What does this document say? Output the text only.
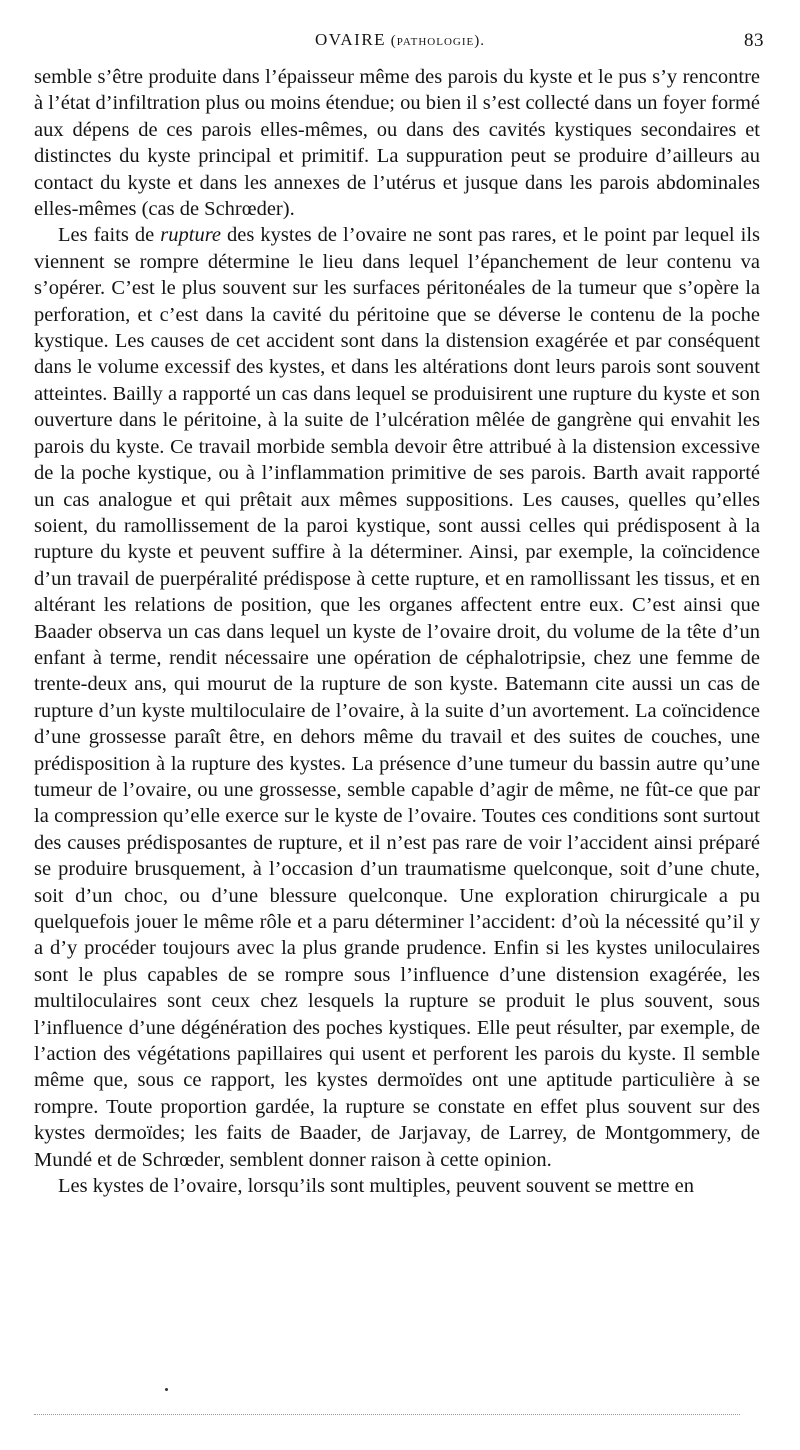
OVAIRE (pathologie).	83

semble s’être produite dans l’épaisseur même des parois du kyste et le pus s’y rencontre à l’état d’infiltration plus ou moins étendue; ou bien il s’est collecté dans un foyer formé aux dépens de ces parois elles-mêmes, ou dans des cavités kystiques secondaires et distinctes du kyste principal et primitif. La suppuration peut se produire d’ailleurs au contact du kyste et dans les annexes de l’utérus et jusque dans les parois abdominales elles-mêmes (cas de Schrœder).

Les faits de rupture des kystes de l’ovaire ne sont pas rares, et le point par lequel ils viennent se rompre détermine le lieu dans lequel l’épanchement de leur contenu va s’opérer. C’est le plus souvent sur les surfaces péritonéales de la tumeur que s’opère la perforation, et c’est dans la cavité du péritoine que se déverse le contenu de la poche kystique. Les causes de cet accident sont dans la distension exagérée et par conséquent dans le volume excessif des kystes, et dans les altérations dont leurs parois sont souvent atteintes. Bailly a rapporté un cas dans lequel se produisirent une rupture du kyste et son ouverture dans le péritoine, à la suite de l’ulcération mêlée de gangrène qui envahit les parois du kyste. Ce travail morbide sembla devoir être attribué à la distension excessive de la poche kystique, ou à l’inflammation primitive de ses parois. Barth avait rapporté un cas analogue et qui prêtait aux mêmes suppositions. Les causes, quelles qu’elles soient, du ramollissement de la paroi kystique, sont aussi celles qui prédisposent à la rupture du kyste et peuvent suffire à la déterminer. Ainsi, par exemple, la coïncidence d’un travail de puerpéralité prédispose à cette rupture, et en ramollissant les tissus, et en altérant les relations de position, que les organes affectent entre eux. C’est ainsi que Baader observa un cas dans lequel un kyste de l’ovaire droit, du volume de la tête d’un enfant à terme, rendit nécessaire une opération de céphalotripsie, chez une femme de trente-deux ans, qui mourut de la rupture de son kyste. Batemann cite aussi un cas de rupture d’un kyste multiloculaire de l’ovaire, à la suite d’un avortement. La coïncidence d’une grossesse paraît être, en dehors même du travail et des suites de couches, une prédisposition à la rupture des kystes. La présence d’une tumeur du bassin autre qu’une tumeur de l’ovaire, ou une grossesse, semble capable d’agir de même, ne fût-ce que par la compression qu’elle exerce sur le kyste de l’ovaire. Toutes ces conditions sont surtout des causes prédisposantes de rupture, et il n’est pas rare de voir l’accident ainsi préparé se produire brusquement, à l’occasion d’un traumatisme quelconque, soit d’une chute, soit d’un choc, ou d’une blessure quelconque. Une exploration chirurgicale a pu quelquefois jouer le même rôle et a paru déterminer l’accident: d’où la nécessité qu’il y a d’y procéder toujours avec la plus grande prudence. Enfin si les kystes uniloculaires sont le plus capables de se rompre sous l’influence d’une distension exagérée, les multiloculaires sont ceux chez lesquels la rupture se produit le plus souvent, sous l’influence d’une dégénération des poches kystiques. Elle peut résulter, par exemple, de l’action des végétations papillaires qui usent et perforent les parois du kyste. Il semble même que, sous ce rapport, les kystes dermoïdes ont une aptitude particulière à se rompre. Toute proportion gardée, la rupture se constate en effet plus souvent sur des kystes dermoïdes; les faits de Baader, de Jarjavay, de Larrey, de Montgommery, de Mundé et de Schrœder, semblent donner raison à cette opinion.

Les kystes de l’ovaire, lorsqu’ils sont multiples, peuvent souvent se mettre en
